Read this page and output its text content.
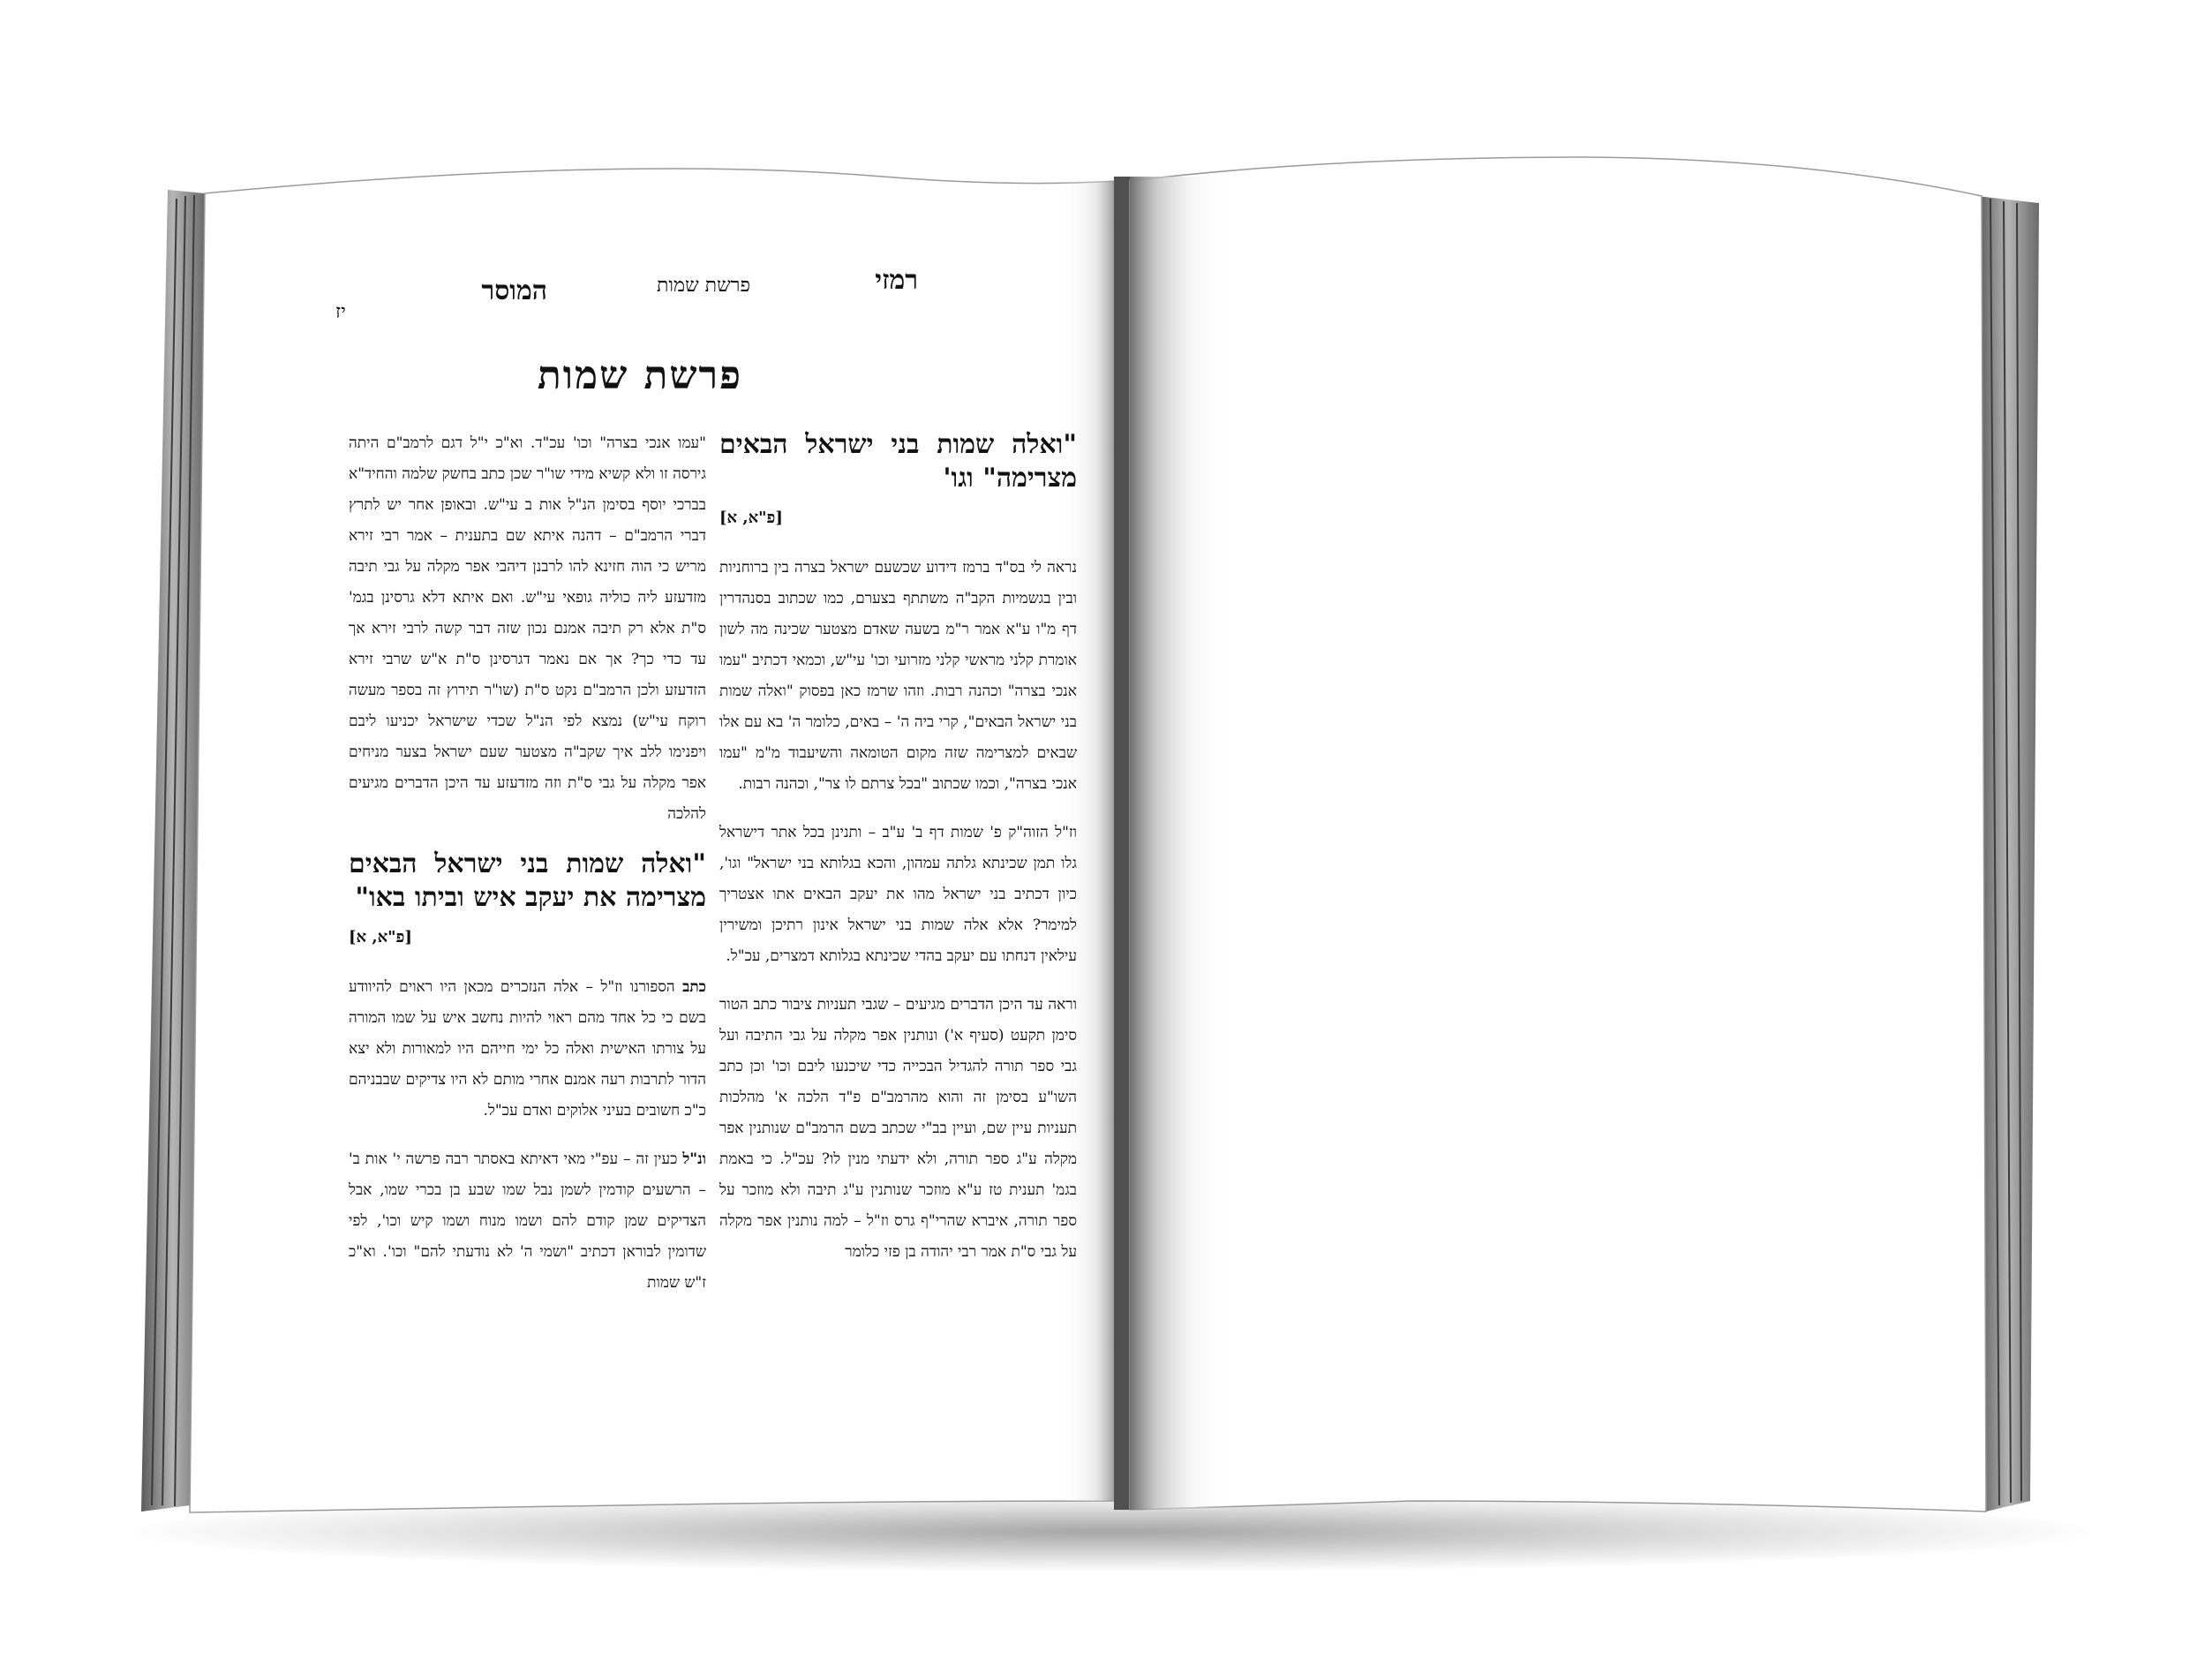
רמזי
פרשת שמות
המוסר
יז
פרשת שמות
"ואלה שמות בני ישראל הבאים מצרימה" וגו'
[פ"א, א]

נראה לי בס"ד ברמז דידוע שכשעם ישראל בצרה בין ברוחניות ובין בגשמיות הקב"ה משתתף בצערם, כמו שכתוב בסנהדרין דף מ"ו ע"א אמר ר"מ בשעה שאדם מצטער שכינה מה לשון אומרת קלני מראשי קלני מזרועי וכו' עי"ש, וכמאי דכתיב "עמו אנכי בצרה" וכהנה רבות. וזהו שרמז כאן בפסוק "ואלה שמות בני ישראל הבאים", קרי ביה ה' – באים, כלומר ה' בא עם אלו שבאים למצרימה שזה מקום הטומאה והשיעבוד מ"מ "עמו אנכי בצרה", וכמו שכתוב "בכל צרתם לו צר", וכהנה רבות.

וז"ל הזוה"ק פ' שמות דף ב' ע"ב – ותנינן בכל אתר דישראל גלו תמן שכינתא גלתה עמהון, והכא בגלותא בני ישראל" וגו', כיון דכתיב בני ישראל מהו את יעקב הבאים אתו אצטריך למימר? אלא אלה שמות בני ישראל אינון רתיכן ומשירין עילאין דנחתו עם יעקב בהדי שכינתא בגלותא דמצרים, עכ"ל.

וראה עד היכן הדברים מגיעים – שגבי תעניות ציבור כתב הטור סימן תקעט (סעיף א') ונותנין אפר מקלה על גבי התיבה ועל גבי ספר תורה להגדיל הבכייה כדי שיכנעו ליבם וכו' וכן כתב השו"ע בסימן זה והוא מהרמב"ם פ"ד הלכה א' מהלכות תעניות עיין שם, ועיין בב"י שכתב בשם הרמב"ם שנותנין אפר מקלה ע"ג ספר תורה, ולא ידעתי מנין לו? עכ"ל. כי באמת בגמ' תענית טז ע"א מוזכר שנותנין ע"ג תיבה ולא מוזכר על ספר תורה, איברא שהרי"ף גרס וז"ל – למה נותנין אפר מקלה על גבי ס"ת אמר רבי יהודה בן פזי כלומר

"עמו אנכי בצרה" וכו' עכ"ד. וא"כ י"ל דגם לרמב"ם היתה גירסה זו ולא קשיא מידי שו"ר שכן כתב בחשק שלמה והחיד"א בברכי יוסף בסימן הנ"ל אות ב עי"ש. ובאופן אחר יש לתרץ דברי הרמב"ם – דהנה איתא שם בתענית – אמר רבי זירא מריש כי הוה חזינא להו לרבנן דיהבי אפר מקלה על גבי תיבה מזדעזע ליה כוליה גופאי עי"ש. ואם איתא דלא גרסינן בגמ' ס"ת אלא רק תיבה אמנם נכון שזה דבר קשה לרבי זירא אך עד כדי כך? אך אם נאמר דגרסינן ס"ת א"ש שרבי זירא הזדעזע ולכן הרמב"ם נקט ס"ת (שו"ר תירוץ זה בספר מעשה רוקח עי"ש) נמצא לפי הנ"ל שכדי שישראל יכניעו ליבם ויפנימו ללב איך שקב"ה מצטער שעם ישראל בצער מניחים אפר מקלה על גבי ס"ת וזה מזדעזע עד היכן הדברים מגיעים להלכה

"ואלה שמות בני ישראל הבאים מצרימה את יעקב איש וביתו באו"
[פ"א, א]

כתב הספורנו וז"ל – אלה הנזכרים מכאן היו ראוים להיוודע בשם כי כל אחד מהם ראוי להיות נחשב איש על שמו המורה על צורתו האישית ואלה כל ימי חייהם היו למאורות ולא יצא הדור לתרבות רעה אמנם אחרי מותם לא היו צדיקים שבבניהם כ"כ חשובים בעיני אלוקים ואדם עכ"ל.

ונ"ל כעין זה – עפ"י מאי דאיתא באסתר רבה פרשה י' אות ב' – הרשעים קודמין לשמן נבל שמו שבע בן בכרי שמו, אבל הצדיקים שמן קודם להם ושמו מנוח ושמו קיש וכו', לפי שדומין לבוראן דכתיב "ושמי ה' לא נודעתי להם" וכו'. וא"כ ז"ש שמות
